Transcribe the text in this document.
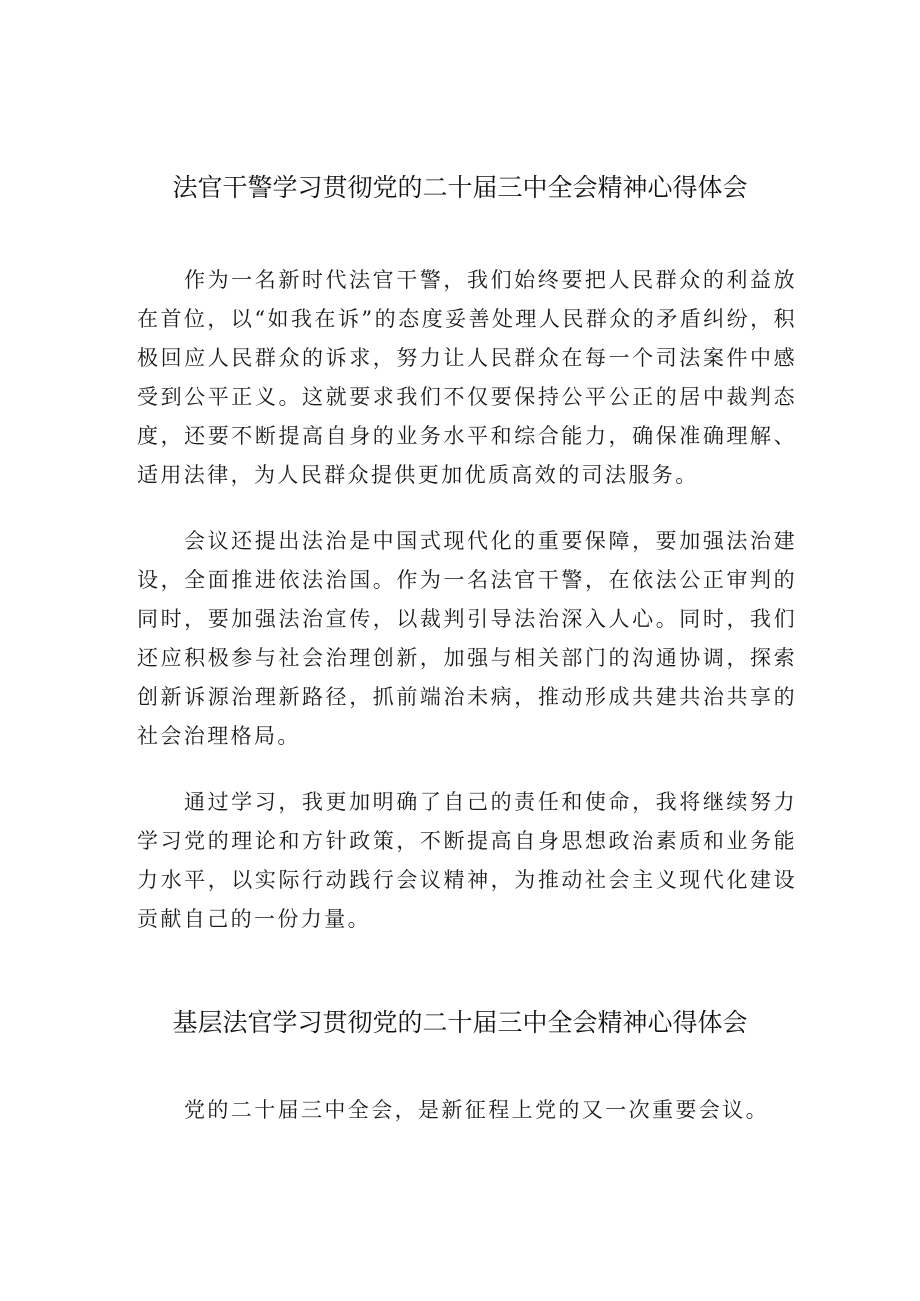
法官干警学习贯彻党的二十届三中全会精神心得体会

作为一名新时代法官干警，我们始终要把人民群众的利益放在首位，以“如我在诉”的态度妥善处理人民群众的矛盾纠纷，积极回应人民群众的诉求，努力让人民群众在每一个司法案件中感受到公平正义。这就要求我们不仅要保持公平公正的居中裁判态度，还要不断提高自身的业务水平和综合能力，确保准确理解、适用法律，为人民群众提供更加优质高效的司法服务。

会议还提出法治是中国式现代化的重要保障，要加强法治建设，全面推进依法治国。作为一名法官干警，在依法公正审判的同时，要加强法治宣传，以裁判引导法治深入人心。同时，我们还应积极参与社会治理创新，加强与相关部门的沟通协调，探索创新诉源治理新路径，抓前端治未病，推动形成共建共治共享的社会治理格局。

通过学习，我更加明确了自己的责任和使命，我将继续努力学习党的理论和方针政策，不断提高自身思想政治素质和业务能力水平，以实际行动践行会议精神，为推动社会主义现代化建设贡献自己的一份力量。

基层法官学习贯彻党的二十届三中全会精神心得体会

党的二十届三中全会，是新征程上党的又一次重要会议。
